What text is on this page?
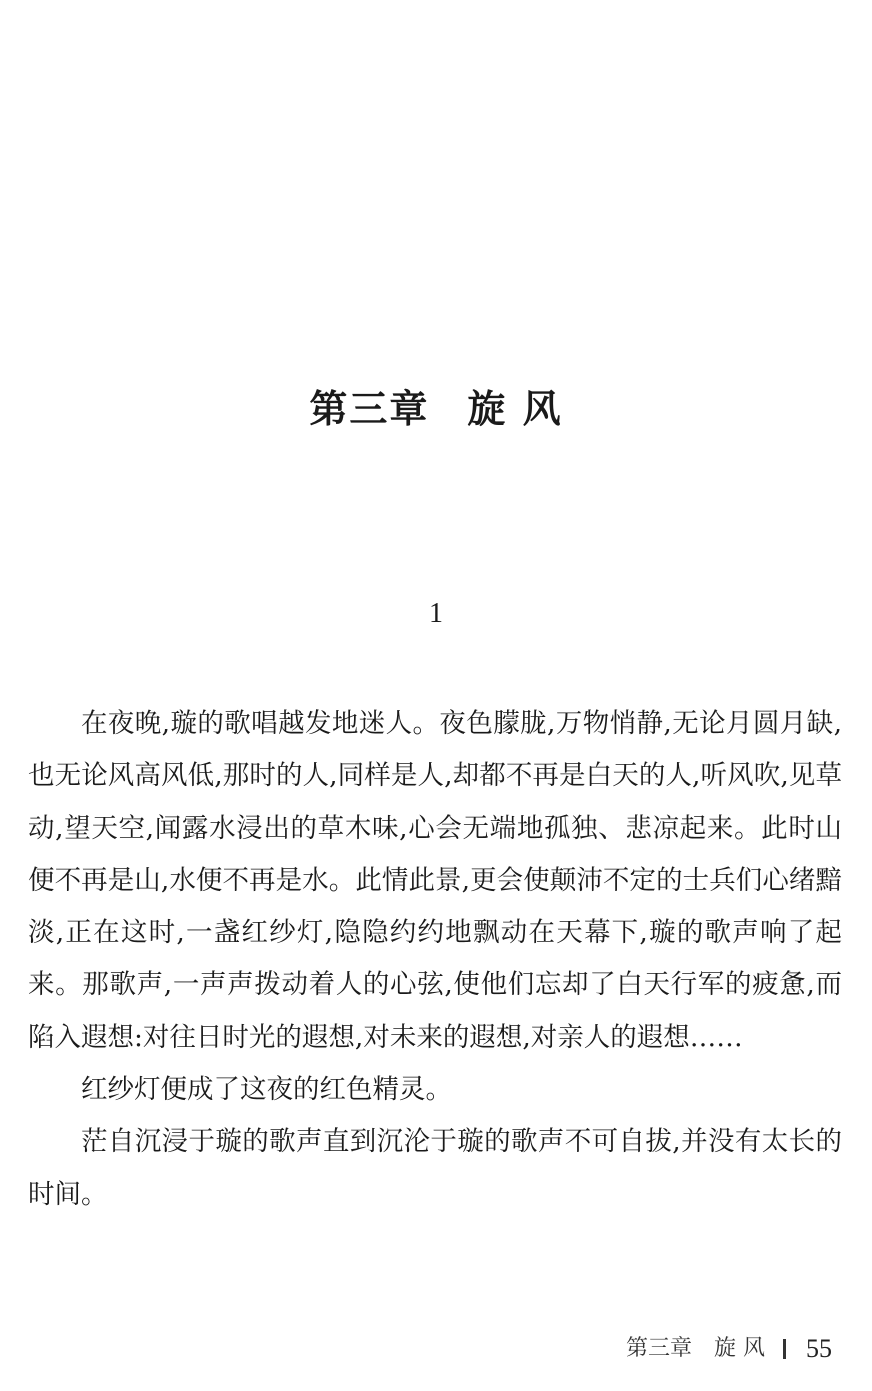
第三章 旋 风
1

在夜晚,璇的歌唱越发地迷人。夜色朦胧,万物悄静,无论月圆月缺,也无论风高风低,那时的人,同样是人,却都不再是白天的人,听风吹,见草动,望天空,闻露水浸出的草木味,心会无端地孤独、悲凉起来。此时山便不再是山,水便不再是水。此情此景,更会使颠沛不定的士兵们心绪黯淡,正在这时,一盏红纱灯,隐隐约约地飘动在天幕下,璇的歌声响了起来。那歌声,一声声拨动着人的心弦,使他们忘却了白天行军的疲惫,而陷入遐想:对往日时光的遐想,对未来的遐想,对亲人的遐想……

红纱灯便成了这夜的红色精灵。

茫自沉浸于璇的歌声直到沉沦于璇的歌声不可自拔,并没有太长的时间。

第三章 旋 风 55
